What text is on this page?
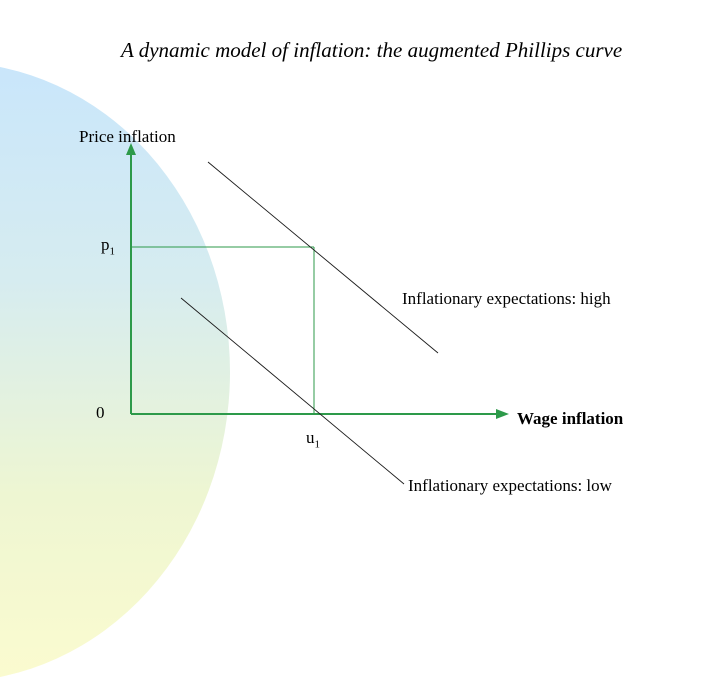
A dynamic model of inflation: the augmented Phillips curve
Price inflation
$p_1$
Inflationary expectations: high
0	Wage inflation
$u_1$
Inflationary expectations: low
